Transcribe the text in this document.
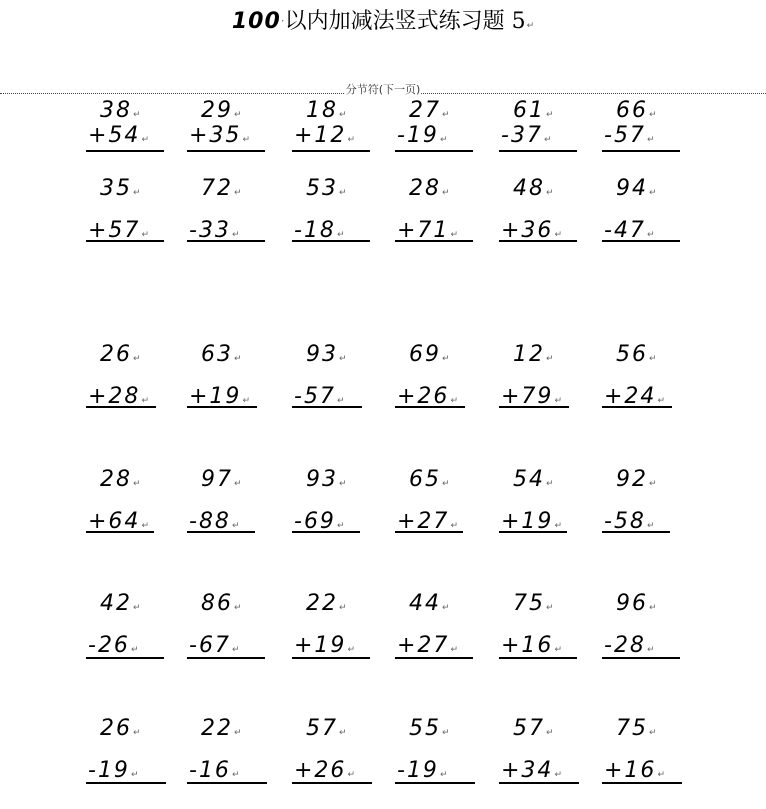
100·以内加减法竖式练习题 5↵
分节符(下一页)
38↵
+54↵
29↵
+35↵
18↵
+12↵
27↵
-19↵
61↵
-37↵
66↵
-57↵
35↵
+57↵
72↵
-33↵
53↵
-18↵
28↵
+71↵
48↵
+36↵
94↵
-47↵
26↵
+28↵
63↵
+19↵
93↵
-57↵
69↵
+26↵
12↵
+79↵
56↵
+24↵
28↵
+64↵
97↵
-88↵
93↵
-69↵
65↵
+27↵
54↵
+19↵
92↵
-58↵
42↵
-26↵
86↵
-67↵
22↵
+19↵
44↵
+27↵
75↵
+16↵
96↵
-28↵
26↵
-19↵
22↵
-16↵
57↵
+26↵
55↵
-19↵
57↵
+34↵
75↵
+16↵
